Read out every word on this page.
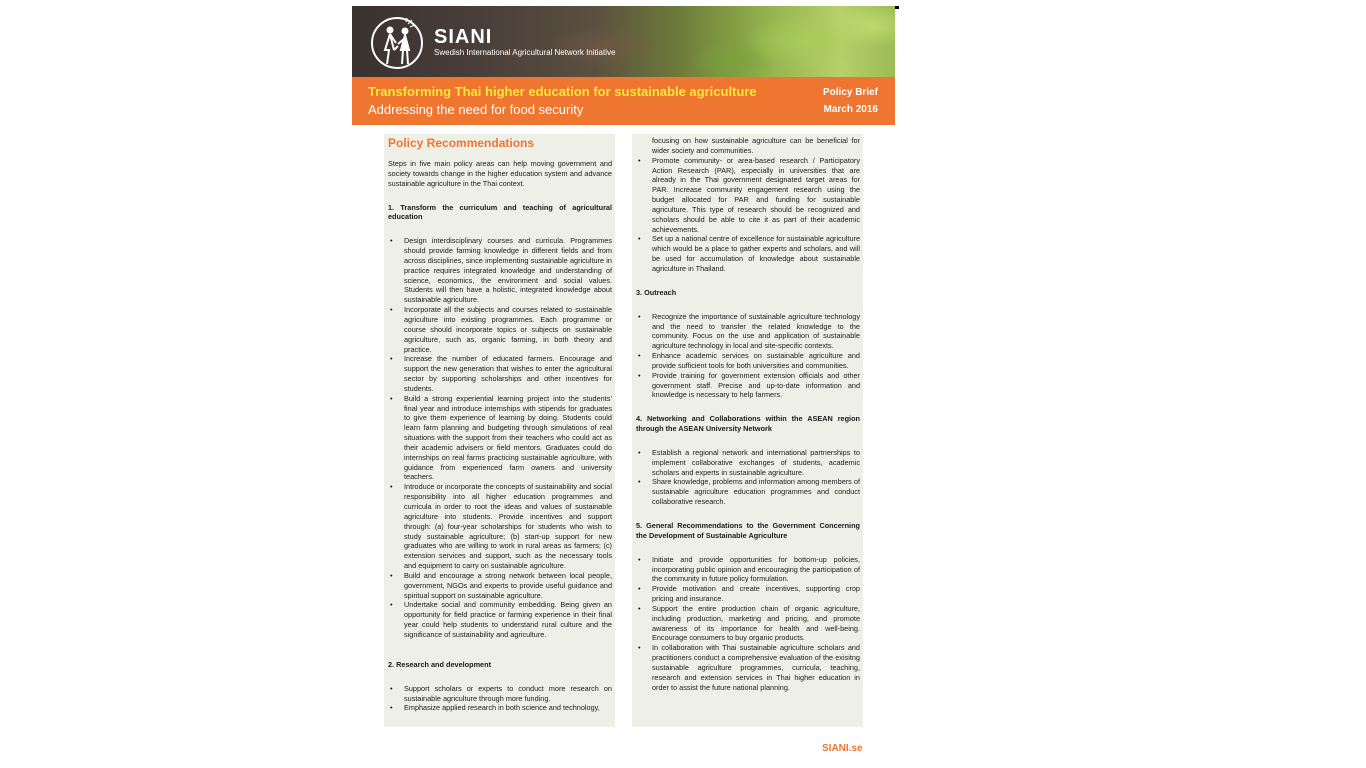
SIANI
Swedish International Agricultural Network Initiative
Transforming Thai higher education for sustainable agriculture
Addressing the need for food security
Policy Brief
March 2016
Policy Recommendations

Steps in five main policy areas can help moving government and society towards change in the higher education system and advance sustainable agriculture in the Thai context.

1. Transform the curriculum and teaching of agricultural education

• Design interdisciplinary courses and curricula. Programmes should provide farming knowledge in different fields and from across disciplines, since implementing sustainable agriculture in practice requires integrated knowledge and understanding of science, economics, the environment and social values. Students will then have a holistic, integrated knowledge about sustainable agriculture.
• Incorporate all the subjects and courses related to sustainable agriculture into existing programmes. Each programme or course should incorporate topics or subjects on sustainable agriculture, such as, organic farming, in both theory and practice.
• Increase the number of educated farmers. Encourage and support the new generation that wishes to enter the agricultural sector by supporting scholarships and other incentives for students.
• Build a strong experiential learning project into the students’ final year and introduce internships with stipends for graduates to give them experience of learning by doing. Students could learn farm planning and budgeting through simulations of real situations with the support from their teachers who could act as their academic advisers or field mentors. Graduates could do internships on real farms practicing sustainable agriculture, with guidance from experienced farm owners and university teachers.
• Introduce or incorporate the concepts of sustainability and social responsibility into all higher education programmes and curricula in order to root the ideas and values of sustainable agriculture into students. Provide incentives and support through: (a) four-year scholarships for students who wish to study sustainable agriculture; (b) start-up support for new graduates who are willing to work in rural areas as farmers; (c) extension services and support, such as the necessary tools and equipment to carry on sustainable agriculture.
• Build and encourage a strong network between local people, government, NGOs and experts to provide useful guidance and spiritual support on sustainable agriculture.
• Undertake social and community embedding. Being given an opportunity for field practice or farming experience in their final year could help students to understand rural culture and the significance of sustainability and agriculture.

2. Research and development

• Support scholars or experts to conduct more research on sustainable agriculture through more funding.
• Emphasize applied research in both science and technology,
focusing on how sustainable agriculture can be beneficial for wider society and communities.
• Promote community- or area-based research / Participatory Action Research (PAR), especially in universities that are already in the Thai government designated target areas for PAR. Increase community engagement research using the budget allocated for PAR and funding for sustainable agriculture. This type of research should be recognized and scholars should be able to cite it as part of their academic achievements.
• Set up a national centre of excellence for sustainable agriculture which would be a place to gather experts and scholars, and will be used for accumulation of knowledge about sustainable agriculture in Thailand.

3. Outreach

• Recognize the importance of sustainable agriculture technology and the need to transfer the related knowledge to the community. Focus on the use and application of sustainable agriculture technology in local and site-specific contexts.
• Enhance academic services on sustainable agriculture and provide sufficient tools for both universities and communities.
• Provide training for government extension officials and other government staff. Precise and up-to-date information and knowledge is necessary to help farmers.

4. Networking and Collaborations within the ASEAN region through the ASEAN University Network

• Establish a regional network and international partnerships to implement collaborative exchanges of students, academic scholars and experts in sustainable agriculture.
• Share knowledge, problems and information among members of sustainable agriculture education programmes and conduct collaborative research.

5. General Recommendations to the Government Concerning the Development of Sustainable Agriculture

• Initiate and provide opportunities for bottom-up policies, incorporating public opinion and encouraging the participation of the community in future policy formulation.
• Provide motivation and create incentives, supporting crop pricing and insurance.
• Support the entire production chain of organic agriculture, including production, marketing and pricing, and promote awareness of its importance for health and well-being. Encourage consumers to buy organic products.
• In collaboration with Thai sustainable agriculture scholars and practitioners conduct a comprehensive evaluation of the exisitng sustainable agriculture programmes, curricula, teaching, research and extension services in Thai higher education in order to assist the future national planning.
SIANI.se
